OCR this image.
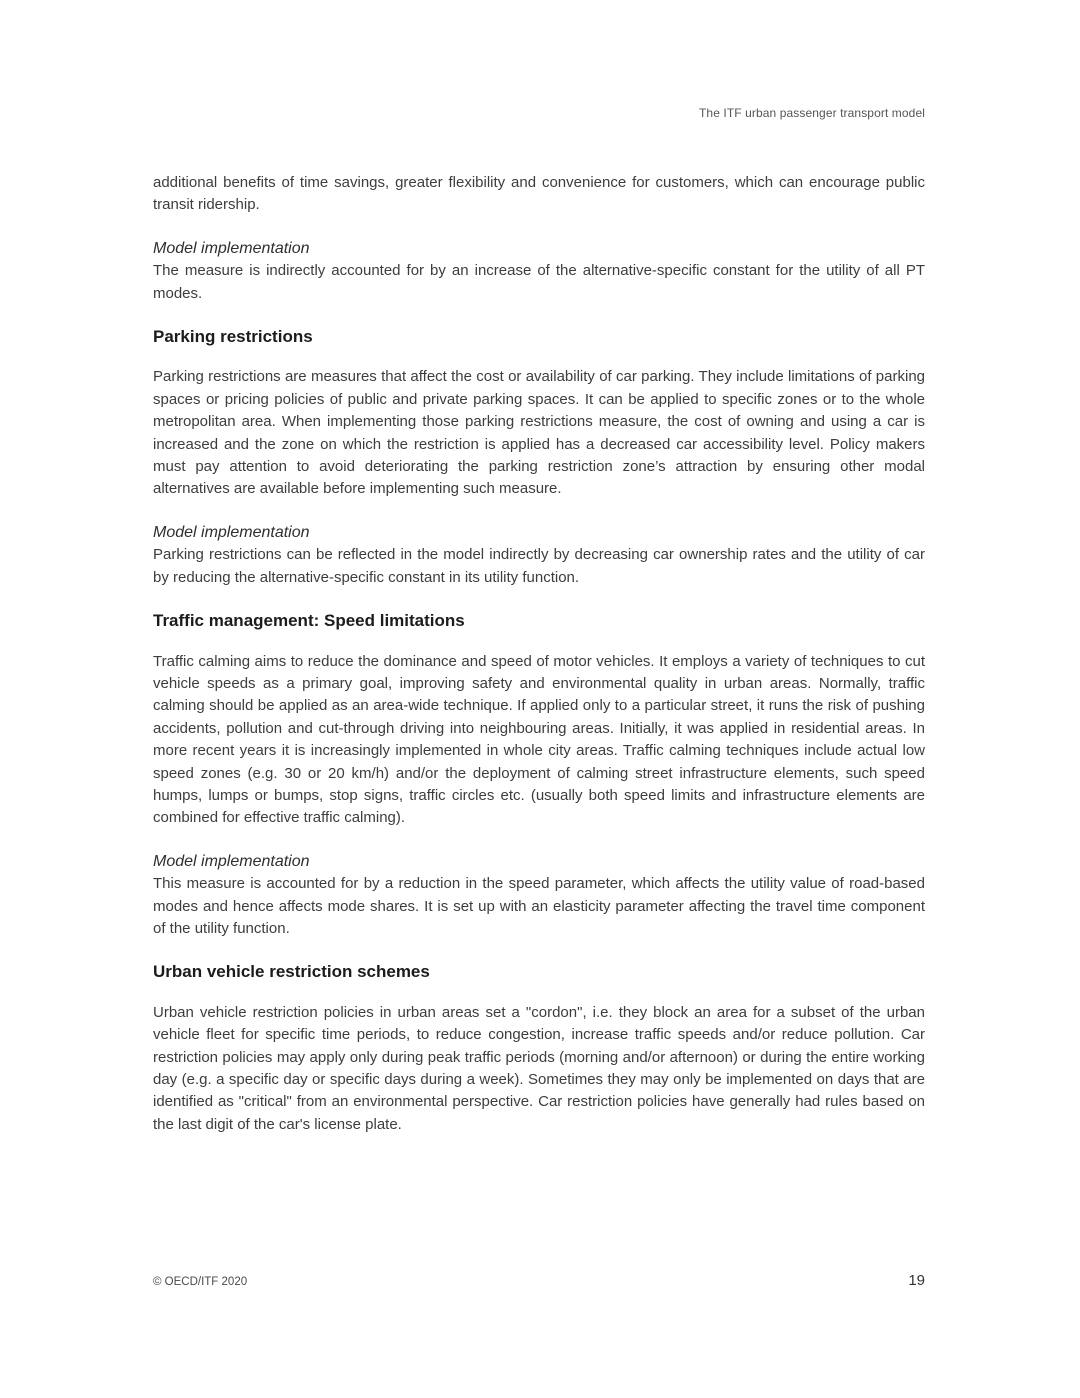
The ITF urban passenger transport model

additional benefits of time savings, greater flexibility and convenience for customers, which can encourage public transit ridership.

Model implementation

The measure is indirectly accounted for by an increase of the alternative-specific constant for the utility of all PT modes.

Parking restrictions

Parking restrictions are measures that affect the cost or availability of car parking. They include limitations of parking spaces or pricing policies of public and private parking spaces. It can be applied to specific zones or to the whole metropolitan area. When implementing those parking restrictions measure, the cost of owning and using a car is increased and the zone on which the restriction is applied has a decreased car accessibility level. Policy makers must pay attention to avoid deteriorating the parking restriction zone’s attraction by ensuring other modal alternatives are available before implementing such measure.

Model implementation

Parking restrictions can be reflected in the model indirectly by decreasing car ownership rates and the utility of car by reducing the alternative-specific constant in its utility function.

Traffic management: Speed limitations

Traffic calming aims to reduce the dominance and speed of motor vehicles. It employs a variety of techniques to cut vehicle speeds as a primary goal, improving safety and environmental quality in urban areas. Normally, traffic calming should be applied as an area-wide technique. If applied only to a particular street, it runs the risk of pushing accidents, pollution and cut-through driving into neighbouring areas. Initially, it was applied in residential areas. In more recent years it is increasingly implemented in whole city areas. Traffic calming techniques include actual low speed zones (e.g. 30 or 20 km/h) and/or the deployment of calming street infrastructure elements, such speed humps, lumps or bumps, stop signs, traffic circles etc. (usually both speed limits and infrastructure elements are combined for effective traffic calming).

Model implementation

This measure is accounted for by a reduction in the speed parameter, which affects the utility value of road-based modes and hence affects mode shares. It is set up with an elasticity parameter affecting the travel time component of the utility function.

Urban vehicle restriction schemes

Urban vehicle restriction policies in urban areas set a "cordon", i.e. they block an area for a subset of the urban vehicle fleet for specific time periods, to reduce congestion, increase traffic speeds and/or reduce pollution. Car restriction policies may apply only during peak traffic periods (morning and/or afternoon) or during the entire working day (e.g. a specific day or specific days during a week). Sometimes they may only be implemented on days that are identified as "critical" from an environmental perspective. Car restriction policies have generally had rules based on the last digit of the car's license plate.

© OECD/ITF 2020	19
